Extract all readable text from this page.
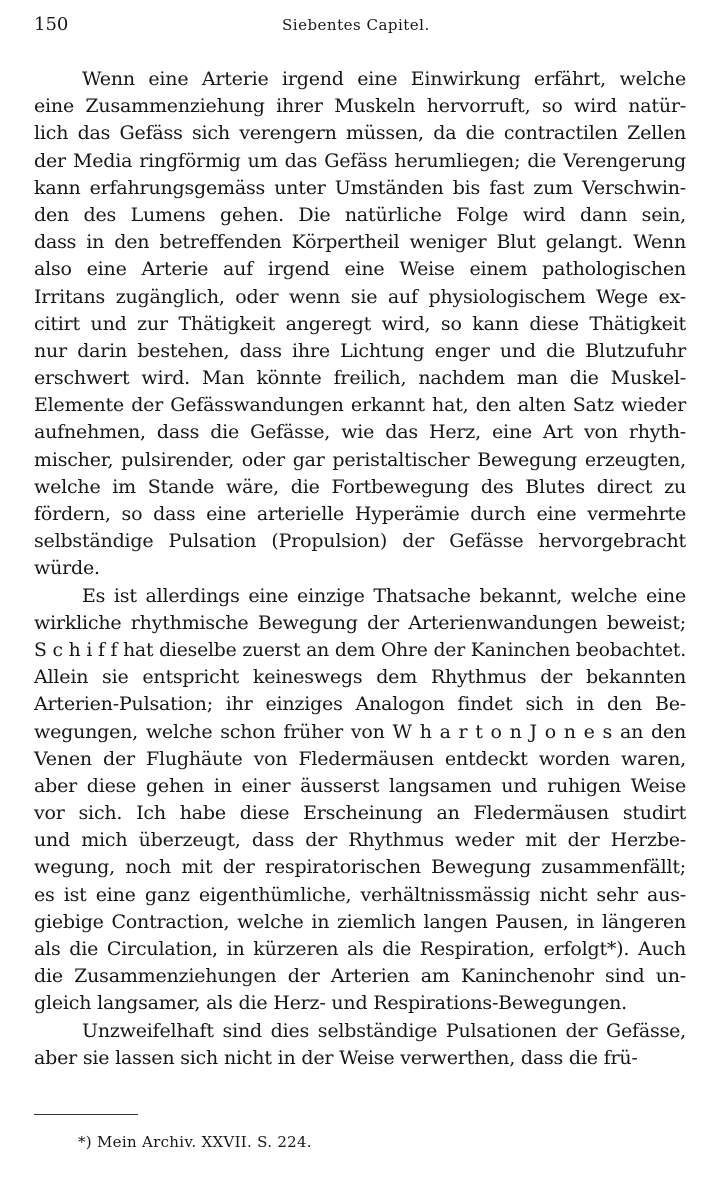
150	Siebentes Capitel.
Wenn eine Arterie irgend eine Einwirkung erfährt, welche
eine Zusammenziehung ihrer Muskeln hervorruft, so wird natür-
lich das Gefäss sich verengern müssen, da die contractilen Zellen
der Media ringförmig um das Gefäss herumliegen; die Verengerung
kann erfahrungsgemäss unter Umständen bis fast zum Verschwin-
den des Lumens gehen. Die natürliche Folge wird dann sein,
dass in den betreffenden Körpertheil weniger Blut gelangt. Wenn
also eine Arterie auf irgend eine Weise einem pathologischen
Irritans zugänglich, oder wenn sie auf physiologischem Wege ex-
citirt und zur Thätigkeit angeregt wird, so kann diese Thätigkeit
nur darin bestehen, dass ihre Lichtung enger und die Blutzufuhr
erschwert wird. Man könnte freilich, nachdem man die Muskel-
Elemente der Gefässwandungen erkannt hat, den alten Satz wieder
aufnehmen, dass die Gefässe, wie das Herz, eine Art von rhyth-
mischer, pulsirender, oder gar peristaltischer Bewegung erzeugten,
welche im Stande wäre, die Fortbewegung des Blutes direct zu
fördern, so dass eine arterielle Hyperämie durch eine vermehrte
selbständige Pulsation (Propulsion) der Gefässe hervorgebracht
würde.
Es ist allerdings eine einzige Thatsache bekannt, welche eine
wirkliche rhythmische Bewegung der Arterienwandungen beweist;
S c h i f f hat dieselbe zuerst an dem Ohre der Kaninchen beobachtet.
Allein sie entspricht keineswegs dem Rhythmus der bekannten
Arterien-Pulsation; ihr einziges Analogon findet sich in den Be-
wegungen, welche schon früher von W h a r t o n J o n e s an den
Venen der Flughäute von Fledermäusen entdeckt worden waren,
aber diese gehen in einer äusserst langsamen und ruhigen Weise
vor sich. Ich habe diese Erscheinung an Fledermäusen studirt
und mich überzeugt, dass der Rhythmus weder mit der Herzbe-
wegung, noch mit der respiratorischen Bewegung zusammenfällt;
es ist eine ganz eigenthümliche, verhältnissmässig nicht sehr aus-
giebige Contraction, welche in ziemlich langen Pausen, in längeren
als die Circulation, in kürzeren als die Respiration, erfolgt*). Auch
die Zusammenziehungen der Arterien am Kaninchenohr sind un-
gleich langsamer, als die Herz- und Respirations-Bewegungen.
Unzweifelhaft sind dies selbständige Pulsationen der Gefässe,
aber sie lassen sich nicht in der Weise verwerthen, dass die frü-
*) Mein Archiv. XXVII. S. 224.
